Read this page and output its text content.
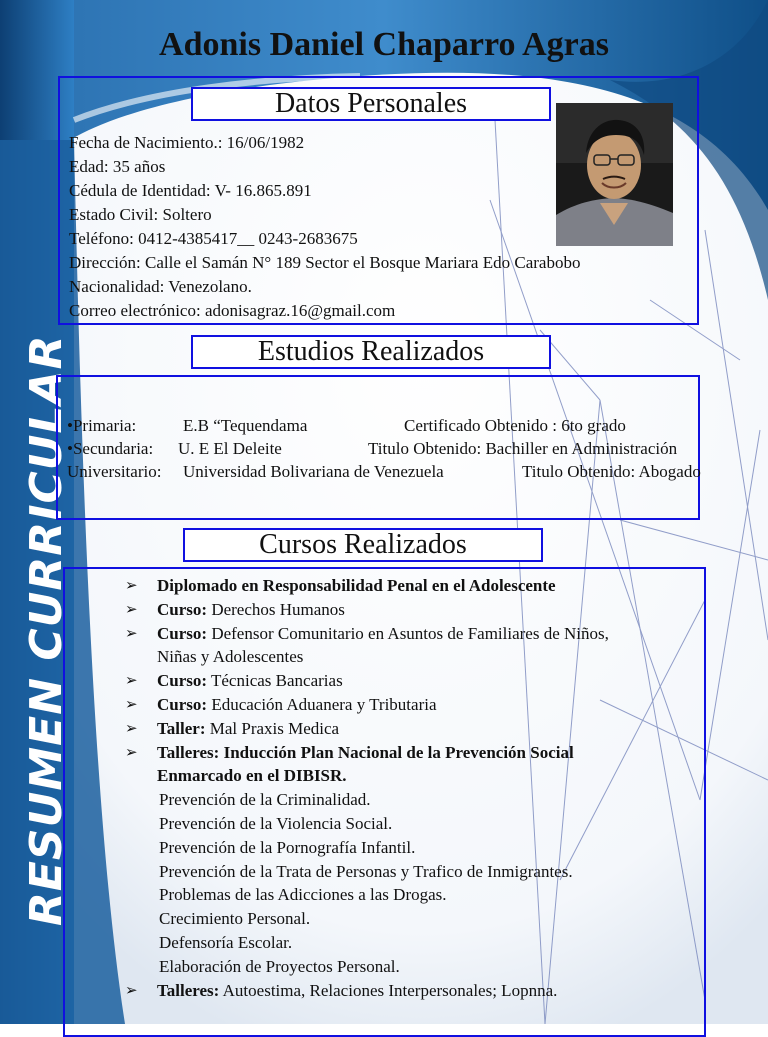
RESUMEN CURRICULAR
Adonis Daniel Chaparro Agras
Datos Personales
Fecha de Nacimiento.: 16/06/1982
Edad: 35 años
Cédula de Identidad: V- 16.865.891
Estado Civil: Soltero
Teléfono: 0412-4385417__ 0243-2683675
Dirección: Calle el Samán N° 189 Sector el Bosque Mariara Edo Carabobo
Nacionalidad: Venezolano.
Correo electrónico: adonisagraz.16@gmail.com
Estudios Realizados
•Primaria:	E.B “Tequendama	Certificado Obtenido : 6to grado
•Secundaria: U. E El Deleite	Titulo Obtenido: Bachiller en Administración
Universitario: Universidad Bolivariana de Venezuela	Titulo Obtenido: Abogado
Cursos Realizados
➢ Diplomado en Responsabilidad Penal en el Adolescente
➢ Curso: Derechos Humanos
➢ Curso: Defensor Comunitario en Asuntos de Familiares de Niños,
Niñas y Adolescentes
➢ Curso: Técnicas Bancarias
➢ Curso: Educación Aduanera y Tributaria
➢ Taller: Mal Praxis Medica
➢ Talleres: Inducción Plan Nacional de la Prevención Social
Enmarcado en el DIBISR.
Prevención de la Criminalidad.
Prevención de la Violencia Social.
Prevención de la Pornografía Infantil.
Prevención de la Trata de Personas y Trafico de Inmigrantes.
Problemas de las Adicciones a las Drogas.
Crecimiento Personal.
Defensoría Escolar.
Elaboración de Proyectos Personal.
➢ Talleres: Autoestima, Relaciones Interpersonales; Lopnna.
